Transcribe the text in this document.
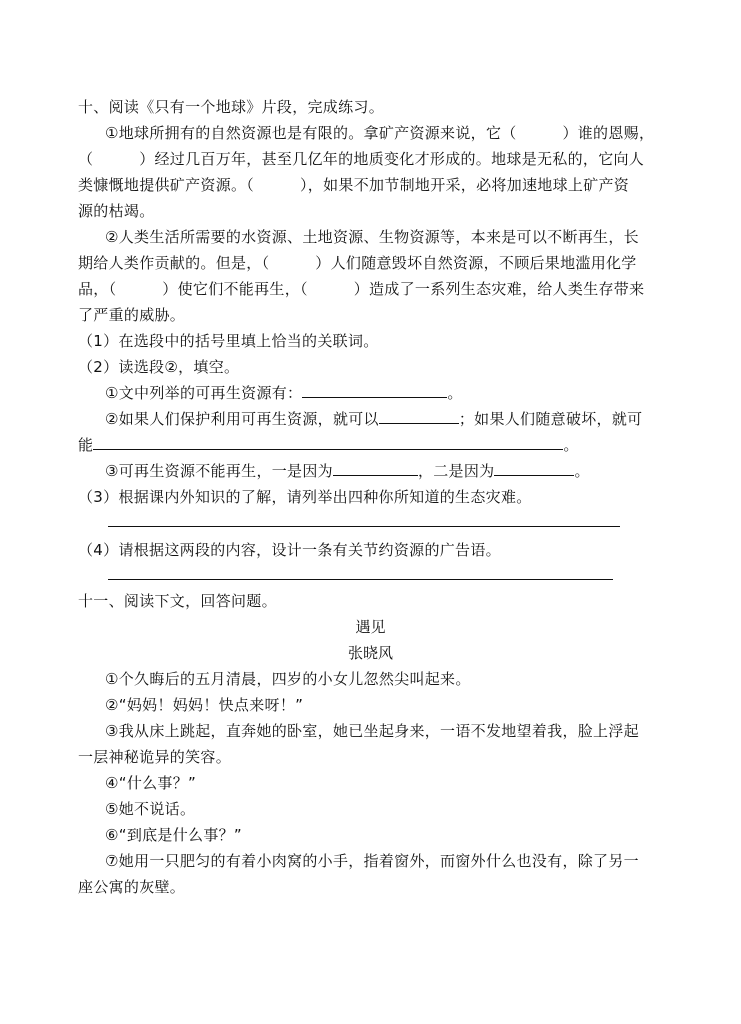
十、阅读《只有一个地球》片段，完成练习。
①地球所拥有的自然资源也是有限的。拿矿产资源来说，它（　　　）谁的恩赐，
（　　　）经过几百万年，甚至几亿年的地质变化才形成的。地球是无私的，它向人
类慷慨地提供矿产资源。（　　　），如果不加节制地开采，必将加速地球上矿产资
源的枯竭。
②人类生活所需要的水资源、土地资源、生物资源等，本来是可以不断再生，长
期给人类作贡献的。但是，（　　　）人们随意毁坏自然资源，不顾后果地滥用化学
品，（　　　）使它们不能再生，（　　　）造成了一系列生态灾难，给人类生存带来
了严重的威胁。
（1）在选段中的括号里填上恰当的关联词。
（2）读选段②，填空。
①文中列举的可再生资源有：	。
②如果人们保护利用可再生资源，就可以	；如果人们随意破坏，就可
能	。
③可再生资源不能再生，一是因为	，二是因为	。
（3）根据课内外知识的了解，请列举出四种你所知道的生态灾难。
（4）请根据这两段的内容，设计一条有关节约资源的广告语。
十一、阅读下文，回答问题。
遇见
张晓风
①个久晦后的五月清晨，四岁的小女儿忽然尖叫起来。
②“妈妈！妈妈！快点来呀！”
③我从床上跳起，直奔她的卧室，她已坐起身来，一语不发地望着我，脸上浮起
一层神秘诡异的笑容。
④“什么事？”
⑤她不说话。
⑥“到底是什么事？”
⑦她用一只肥匀的有着小肉窝的小手，指着窗外，而窗外什么也没有，除了另一
座公寓的灰壁。
